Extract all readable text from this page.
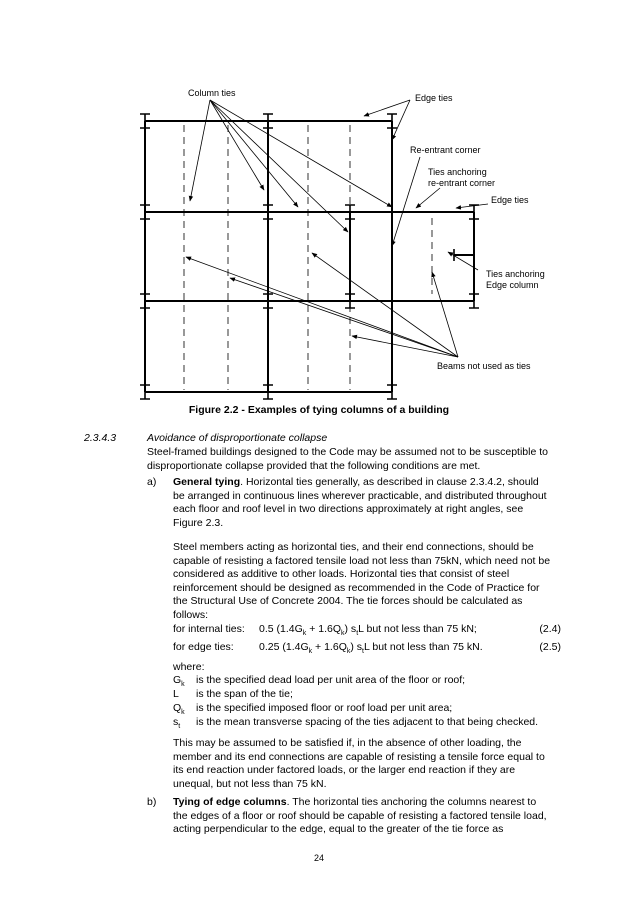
Column ties	Edge ties
Re-entrant corner
Ties anchoring
re-entrant corner
Edge ties
Ties anchoring
Edge column
Beams not used as ties
Figure 2.2 - Examples of tying columns of a building
2.3.4.3	Avoidance of disproportionate collapse
Steel-framed buildings designed to the Code may be assumed not to be susceptible to
disproportionate collapse provided that the following conditions are met.
a) General tying. Horizontal ties generally, as described in clause 2.3.4.2, should
be arranged in continuous lines wherever practicable, and distributed throughout
each floor and roof level in two directions approximately at right angles, see
Figure 2.3.
Steel members acting as horizontal ties, and their end connections, should be
capable of resisting a factored tensile load not less than 75kN, which need not be
considered as additive to other loads. Horizontal ties that consist of steel
reinforcement should be designed as recommended in the Code of Practice for
the Structural Use of Concrete 2004. The tie forces should be calculated as
follows:
for internal ties: 0.5 $(1.4G_k + 1.6Q_k)$ $s_tL$ but not less than 75 kN;	(2.4)
for edge ties: 0.25 $(1.4G_k + 1.6Q_k)$ $s_tL$ but not less than 75 kN.	(2.5)
where:
$G_k$ is the specified dead load per unit area of the floor or roof;
L is the span of the tie;
$Q_k$ is the specified imposed floor or roof load per unit area;
$s_t$ is the mean transverse spacing of the ties adjacent to that being checked.
This may be assumed to be satisfied if, in the absence of other loading, the
member and its end connections are capable of resisting a tensile force equal to
its end reaction under factored loads, or the larger end reaction if they are
unequal, but not less than 75 kN.
b) Tying of edge columns. The horizontal ties anchoring the columns nearest to
the edges of a floor or roof should be capable of resisting a factored tensile load,
acting perpendicular to the edge, equal to the greater of the tie force as
24
